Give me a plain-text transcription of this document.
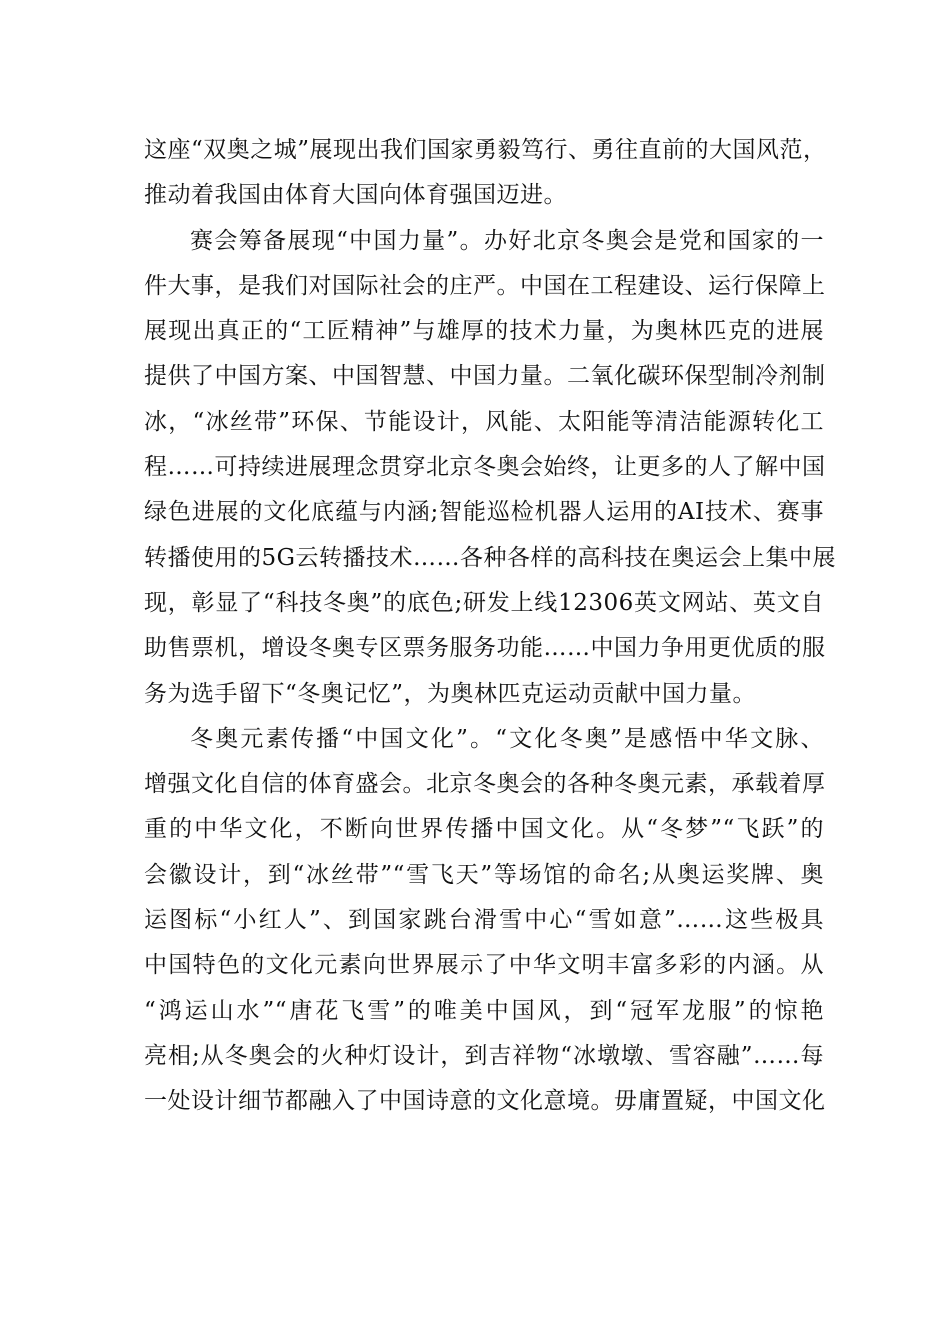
这座“双奥之城”展现出我们国家勇毅笃行、勇往直前的大国风范，
推动着我国由体育大国向体育强国迈进。
赛会筹备展现“中国力量”。办好北京冬奥会是党和国家的一
件大事，是我们对国际社会的庄严。中国在工程建设、运行保障上
展现出真正的“工匠精神”与雄厚的技术力量，为奥林匹克的进展
提供了中国方案、中国智慧、中国力量。二氧化碳环保型制冷剂制
冰，“冰丝带”环保、节能设计，风能、太阳能等清洁能源转化工
程……可持续进展理念贯穿北京冬奥会始终，让更多的人了解中国
绿色进展的文化底蕴与内涵;智能巡检机器人运用的AI技术、赛事
转播使用的5G云转播技术……各种各样的高科技在奥运会上集中展
现，彰显了“科技冬奥”的底色;研发上线12306英文网站、英文自
助售票机，增设冬奥专区票务服务功能……中国力争用更优质的服
务为选手留下“冬奥记忆”，为奥林匹克运动贡献中国力量。
冬奥元素传播“中国文化”。“文化冬奥”是感悟中华文脉、
增强文化自信的体育盛会。北京冬奥会的各种冬奥元素，承载着厚
重的中华文化，不断向世界传播中国文化。从“冬梦”“飞跃”的
会徽设计，到“冰丝带”“雪飞天”等场馆的命名;从奥运奖牌、奥
运图标“小红人”、到国家跳台滑雪中心“雪如意”……这些极具
中国特色的文化元素向世界展示了中华文明丰富多彩的内涵。从
“鸿运山水”“唐花飞雪”的唯美中国风，到“冠军龙服”的惊艳
亮相;从冬奥会的火种灯设计，到吉祥物“冰墩墩、雪容融”……每
一处设计细节都融入了中国诗意的文化意境。毋庸置疑，中国文化
